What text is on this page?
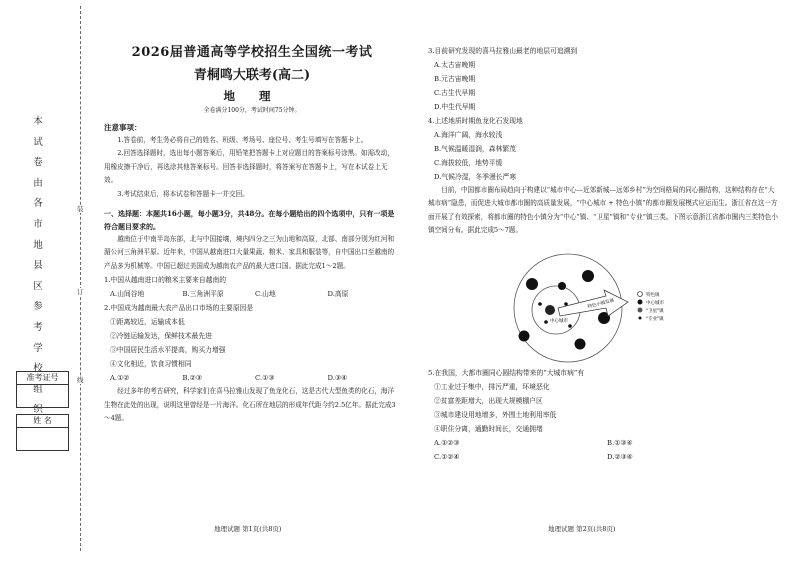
本
试
卷
由
各
市
地
县
区
参
考
学
校
组
织
装
订
线
准考证号
姓 名
2026届普通高等学校招生全国统一考试
青桐鸣大联考(高二)
地 理
全卷满分100分，考试时间75分钟。
注意事项：
1.答卷前，考生务必将自己的姓名、班级、考场号、座位号、考生号填写在答题卡上。
2.回答选择题时，选出每小题答案后，用铅笔把答题卡上对应题目的答案标号涂黑。如需改动，用橡皮擦干净后，再选涂其他答案标号。回答非选择题时，将答案写在答题卡上，写在本试卷上无效。
3.考试结束后，将本试卷和答题卡一并交回。
一、选择题：本题共16小题，每小题3分，共48分。在每小题给出的四个选项中，只有一项是符合题目要求的。
越南位于中南半岛东部，北与中国接壤，境内四分之三为山地和高原，北部、南部分别为红河和湄公河三角洲平原。近年来，中国从越南进口大量果蔬、粮米、家具和服装等，自中国出口至越南的产品多为机械等。中国已超过美国成为越南农产品的最大进口国。据此完成1～2题。
1.中国从越南进口的粮米主要来自越南的
A.山间谷地	B.三角洲平原	C.山地	D.高原
2.中国成为越南最大农产品出口市场的主要原因是
①距离较近，运输成本低
②冷链运输发达，保鲜技术最先进
③中国居民生活水平提高，购买力增强
④文化相近，饮食习惯相同
A.①②	B.②③	C.①③	D.③④
经过多年的考古研究，科学家们在喜马拉雅山发现了鱼龙化石，这是古代大型鱼类的化石，海洋生物在此处的出现，说明这里曾经是一片海洋。化石所在地层的形成年代距今约2.5亿年。据此完成3～4题。
地理试题 第1页(共8页)
3.目前研究发现的喜马拉雅山最老的地层可追溯到
A.太古宙晚期
B.元古宙晚期
C.古生代早期
D.中生代早期
4.上述地质时期鱼龙化石发现地
A.海洋广阔，海水较浅
B.气候温暖湿润，森林繁茂
C.海拔较低，地势平缓
D.气候冷湿，冬季漫长严寒
目前，中国都市圈布局趋向于构建以“城市中心—近郊新城—远郊乡村”为空间格局的同心圈结构，这种结构存在“大城市病”隐患，而促进大城市都市圈的高质量发展，“中心城市 + 特色小镇”的都市圈发展模式应运而生。浙江省在这一方面开展了有效探索，将都市圈的特色小镇分为“中心”镇、“卫星”镇和“专业”镇三类。下图示意浙江省都市圈内三类特色小镇空间分布。据此完成5～7题。
中心城市
特色小镇发展
特色镇
中心城市
"卫星"镇
"专业"镇
5.在我国，大都市圈同心圆结构带来的“大城市病”有
①工业过于集中，排污严重，环境恶化
②贫富差距增大，出现大规模棚户区
③城市建设用地增多，外围土地利用率低
④职住分离，通勤时间长，交通拥堵
A.①②③	B.①③④
C.①②④	D.②③④
地理试题 第2页(共8页)
